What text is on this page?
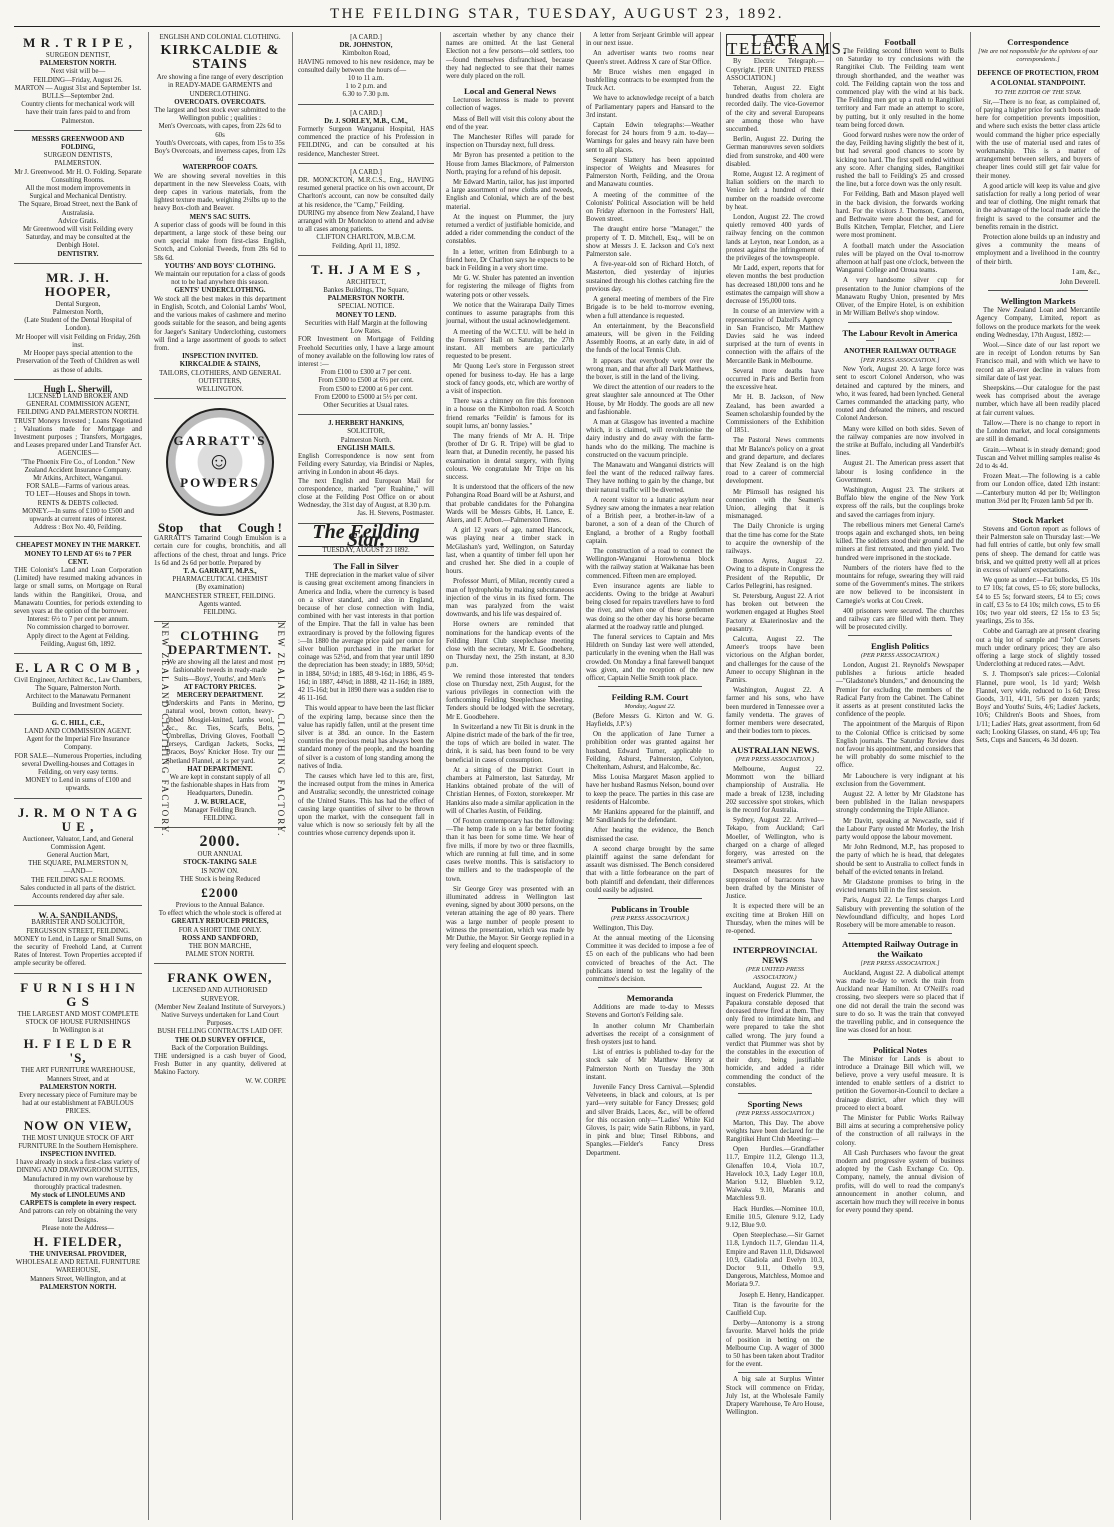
THE FEILDING STAR, TUESDAY, AUGUST 23, 1892.
M R . T R I P E ,
SURGEON DENTIST,
PALMERSTON NORTH.
Next visit will be—
FEILDING—Friday, August 26.
MARTON — August 31st and September 1st.
BULLS—September 2nd.
Country clients for mechanical work will have their train fares paid to and from Palmerston.
MESSRS GREENWOOD AND FOLDING,
SURGEON DENTISTS,
PALMERSTON.
Mr J. Greenwood. Mr H. O. Folding. Separate Consulting Rooms.
All the most modern improvements in Surgical and Mechanical Dentistry.
The Square, Broad Street, next the Bank of Australasia.
Advice Gratis.
Mr Greenwood will visit Feilding every Saturday, and may be consulted at the Denbigh Hotel.
DENTISTRY.
MR. J. H. HOOPER,
Dental Surgeon,
Palmerston North,
(Late Student of the Dental Hospital of London).
Mr Hooper will visit Feilding on Friday, 26th inst.
Mr Hooper pays special attention to the Preservation of the Teeth of Children as well as those of adults.
Hugh L. Sherwill,
LICENSED LAND BROKER AND GENERAL COMMISSION AGENT,
FEILDING AND PALMERSTON NORTH.
TRUST Moneys Invested ; Loans Negotiated ; Valuations made for Mortgage and Investment purposes ; Transfers, Mortgages, and Leases prepared under Land Transfer Act.
AGENCIES—
"The Phoenix Fire Co., of London." New Zealand Accident Insurance Company.
Mr Atkins, Architect, Wanganui.
FOR SALE—Farms of various areas.
TO LET—Houses and Shops in town.
RENTS & DEBTS collected.
MONEY.—In sums of £100 to £500 and upwards at current rates of interest.
Address : Box No. 40, Feilding.
CHEAPEST MONEY IN THE MARKET.
MONEY TO LEND AT 6½ to 7 PER CENT.
THE Colonist's Land and Loan Corporation (Limited) have resumed making advances in large or small sums, on Mortgage on Rural lands within the Rangitikei, Oroua, and Manawatu Counties, for periods extending to seven years at the option of the borrower.
Interest: 6½ to 7 per cent per annum.
No commission charged to borrower.
Apply direct to the Agent at Feilding.
Feilding, August 6th, 1892.
E. L A R C O M B ,
Civil Engineer, Architect &c., Law Chambers, The Square, Palmerston North.
Architect to the Manawatu Permanent Building and Investment Society.
G. C. HILL, C.E.,
LAND AND COMMISSION AGENT.
Agent for the Imperial Fire Insurance Company.
FOR SALE—Numerous Properties, including several Dwelling-houses and Cottages in Feilding, on very easy terms.
MONEY to Lend in sums of £100 and upwards.
J. R. M O N T A G U E ,
Auctioneer, Valuator, Land, and General Commission Agent.
General Auction Mart,
THE SQUARE, PALMERSTON N,
—AND—
THE FEILDING SALE ROOMS.
Sales conducted in all parts of the district.
Accounts rendered day after sale.
W. A. SANDILANDS,
BARRISTER AND SOLICITOR, FERGUSSON STREET, FEILDING.
MONEY to Lend, in Large or Small Sums, on the security of Freehold Land, at Current Rates of Interest. Town Properties accepted if ample security be offered.
F U R N I S H I N G S
THE LARGEST AND MOST COMPLETE STOCK OF HOUSE FURNISHINGS
In Wellington is at
H. F I E L D E R 'S,
THE ART FURNITURE WAREHOUSE, Manners Street, and at
PALMERSTON NORTH.
Every necessary piece of Furniture may be had at our establishment at FABULOUS PRICES.
NOW ON VIEW,
THE MOST UNIQUE STOCK OF ART FURNITURE In the Southern Hemisphere.
INSPECTION INVITED.
I have already in stock a first-class variety of DINING AND DRAWINGROOM SUITES,
Manufactured in my own warehouse by thoroughly practical tradesmen.
My stock of LINOLEUMS AND CARPETS is complete in every respect.
And patrons can rely on obtaining the very latest Designs.
Please note the Address—
H. FIELDER,
THE UNIVERSAL PROVIDER,
WHOLESALE AND RETAIL FURNITURE WAREHOUSE,
Manners Street, Wellington, and at
PALMERSTON NORTH.
ENGLISH AND COLONIAL CLOTHING.
KIRKCALDIE & STAINS
Are showing a fine range of every description in READY-MADE GARMENTS and UNDERCLOTHING.
OVERCOATS. OVERCOATS.
The largest and best stock ever submitted to the Wellington public ; qualities :
Men's Overcoats, with capes, from 22s 6d to 60s
Youth's Overcoats, with capes, from 15s to 35s
Boy's Overcoats, and inverness capes, from 12s 6d
WATERPROOF COATS.
We are showing several novelties in this department in the new Sleeveless Coats, with deep capes in various materials, from the lightest texture made, weighing 2½lbs up to the heavy Box-cloth and Beaver.
MEN'S SAC SUITS.
A superior class of goods will be found in this department, a large stock of these being our own special make from first-class English, Scotch, and Colonial Tweeds, from 28s 6d to 58s 6d.
YOUTHS' AND BOYS' CLOTHING.
We maintain our reputation for a class of goods not to be had anywhere this season.
GENTS' UNDERCLOTHING.
We stock all the best makes in this department in English, Scotch, and Colonial Lambs' Wool, and the various makes of cashmere and merino goods suitable for the season, and being agents for Jaeger's Sanitary Underclothing, customers will find a large assortment of goods to select from.
INSPECTION INVITED.
KIRKCALDIE & STAINS,
TAILORS, CLOTHIERS, AND GENERAL OUTFITTERS,
WELLINGTON.
GARRATT'S
☺
POWDERS
Stop that Cough !
GARRATT'S Tamarind Cough Emulsion is a certain cure for coughs, bronchitis, and all affections of the chest, throat and lungs. Price 1s 6d and 2s 6d per bottle. Prepared by
T. A. GARRATT, M.P.S.,
PHARMACEUTICAL CHEMIST
(By examination)
MANCHESTER STREET, FEILDING.
Agents wanted.
FEILDING.
CLOTHING DEPARTMENT.
We are showing all the latest and most fashionable tweeds in ready-made Suits—Boys', Youths', and Men's
AT FACTORY PRICES.
MERCERY DEPARTMENT.
Underskirts and Pants in Merino, natural wool, brown cotton, heavy-ribbed Mosgiel-knitted, lambs wool, &c., &c. Ties, Scarfs, Belts, Umbrellas, Driving Gloves, Football Jerseys, Cardigan Jackets, Socks, Braces, Boys' Knicker Hose. Try our Shetland Flannel, at 1s per yard.
HAT DEPARTMENT.
We are kept in constant supply of all the fashionable shapes in Hats from Headquarters, Dunedin.
J. W. BURLACE,
Manager Feilding Branch.
FEILDING.
2000.
OUR ANNUAL
STOCK-TAKING SALE
IS NOW ON.
THE Stock is being Reduced
£2000
Previous to the Annual Balance.
To effect which the whole stock is offered at
GREATLY REDUCED PRICES,
FOR A SHORT TIME ONLY.
ROSS AND SANDFORD,
THE BON MARCHE,
PALME STON NORTH.
FRANK OWEN,
LICENSED AND AUTHORISED SURVEYOR.
(Member New Zealand Institute of Surveyors.)
Native Surveys undertaken for Land Court Purposes.
BUSH FELLING CONTRACTS LAID OFF.
THE OLD SURVEY OFFICE,
Back of the Corporation Buildings.
THE undersigned is a cash buyer of Good, Fresh Butter in any quantity, delivered at Makino Factory.
W. W. CORPE
NEW ZEALAND CLOTHING FACTORY.	NEW ZEALAND CLOTHING FACTORY.
[A CARD.]
DR. JOHNSTON,
Kimbolton Road,
HAVING removed to his new residence, may be consulted daily between the hours of—
10 to 11 a.m.
1 to 2 p.m. and
6.30 to 7.30 p.m.
[A CARD.]
Dr. J. SORLEY, M.B., C.M.,
Formerly Surgeon Wanganui Hospital, HAS commenced the practice of his Profession in FEILDING, and can be consulted at his residence, Manchester Street.
[A CARD.]
DR. MONCKTON, M.R.C.S., Eng., HAVING resumed general practice on his own account, Dr Charlton's account, can now be consulted daily at his residence, the "Camp," Feilding.
DURING my absence from New Zealand, I have arranged with Dr Monckton to attend and advise to all cases among patients.
CLIFTON CHARLTON, M.B.C.M.
Feilding, April 11, 1892.
T. H. J A M E S ,
ARCHITECT,
Bankes Buildings, The Square,
PALMERSTON NORTH.
SPECIAL NOTICE.
MONEY TO LEND.
Securities with Half Margin at the following Low Rates.
FOR Investment on Mortgage of Feilding Freehold Securities only, I have a large amount of money available on the following low rates of interest :—
From £100 to £300 at 7 per cent.
From £300 to £500 at 6½ per cent.
From £500 to £2000 at 6 per cent.
From £2000 to £5000 at 5½ per cent.
Other Securities at Usual rates.
J. HERBERT HANKINS,
SOLICITOR,
Palmerston North.
ENGLISH MAILS.
English Correspondence is now sent from Feilding every Saturday, via Brindisi or Naples, arriving in London in about 46 days.
The next English and European Mail for correspondence, marked "per Ruahine," will close at the Feilding Post Office on or about Wednesday, the 31st day of August, at 8.30 p.m.
Jas. H. Stevens, Postmaster.
The Feilding Star.
TUESDAY, AUGUST 23 1892.
The Fall in Silver

THE depreciation in the market value of silver is causing great excitement among financiers in America and India, where the currency is based on a silver standard, and also in England, because of her close connection with India, combined with her vast interests in that portion of the Empire. That the fall in value has been extraordinary is proved by the following figures :—In 1880 the average price paid per ounce for silver bullion purchased in the market for coinage was 52½d, and from that year until 1890 the depreciation has been steady; in 1889, 50½d; in 1884, 50½d; in 1885, 48 9-16d; in 1886, 45 9-16d; in 1887, 44¾d; in 1888, 42 11-16d; in 1889, 42 15-16d; but in 1890 there was a sudden rise to 46 11-16d.

This would appear to have been the last flicker of the expiring lamp, because since then the value has rapidly fallen, until at the present time silver is at 38d. an ounce. In the Eastern countries the precious metal has always been the standard money of the people, and the hoarding of silver is a custom of long standing among the natives of India.

The causes which have led to this are, first, the increased output from the mines in America and Australia; secondly, the unrestricted coinage of the United States. This has had the effect of causing large quantities of silver to be thrown upon the market, with the consequent fall in value which is now so seriously felt by all the countries whose currency depends upon it.

ascertain whether by any chance their names are omitted. At the last General Election not a few persons—old settlers, too—found themselves disfranchised, because they had neglected to see that their names were duly placed on the roll.

Local and General News

Lecturous lecturess is made to prevent collection of wages.

Mass of Bell will visit this colony about the end of the year.

The Manchester Rifles will parade for inspection on Thursday next, full dress.

Mr Byron has presented a petition to the House from James Blackmore, of Palmerston North, praying for a refund of his deposit.

Mr Edward Martin, tailor, has just imported a large assortment of new cloths and tweeds, English and Colonial, which are of the best material.

At the inquest on Plummer, the jury returned a verdict of justifiable homicide, and added a rider commending the conduct of the constables.

In a letter, written from Edinburgh to a friend here, Dr Charlton says he expects to be back in Feilding in a very short time.

Mr G. W. Shuler has patented an invention for registering the mileage of flights from watering pots or other vessels.

We notice that the Wairarapa Daily Times continues to assume paragraphs from this journal, without the usual acknowledgement.

A meeting of the W.C.T.U. will be held in the Foresters' Hall on Saturday, the 27th instant. All members are particularly requested to be present.

Mr Quong Lee's store in Fergusson street opened for business to-day. He has a large stock of fancy goods, etc, which are worthy of a visit of inspection.

There was a chimney on fire this forenoon in a house on the Kimbolton road. A Scotch friend remarks "Feildin' is famous for its soupit lums, an' bonny lassies."

The many friends of Mr A. H. Tripe (brother of Dr G. R. Tripe) will be glad to learn that, at Dunedin recently, he passed his examination in dental surgery, with flying colours. We congratulate Mr Tripe on his success.

It is understood that the officers of the new Pohangina Road Board will be at Ashurst, and that probable candidates for the Pohangina Wards will be Messrs Gibbs, H. Lance, E. Akers, and F. Arbon.—Palmerston Times.

A girl 12 years of age, named Hancock, was playing near a timber stack in McGlashan's yard, Wellington, on Saturday last, when a quantity of timber fell upon her and crushed her. She died in a couple of hours.

Professor Murri, of Milan, recently cured a man of hydrophobia by making subcutaneous injection of the virus in its fixed form. The man was paralyzed from the waist downwards, and his life was despaired of.

Horse owners are reminded that nominations for the handicap events of the Feilding Hunt Club steeplechase meeting close with the secretary, Mr E. Goodbehere, on Thursday next, the 25th instant, at 8.30 p.m.

We remind those interested that tenders close on Thursday next, 25th August, for the various privileges in connection with the forthcoming Feilding Steeplechase Meeting. Tenders should be lodged with the secretary, Mr E. Goodbehere.

In Switzerland a new Tit Bit is drunk in the Alpine district made of the bark of the fir tree, the tops of which are boiled in water. The drink, it is said, has been found to be very beneficial in cases of consumption.

At a sitting of the District Court in chambers at Palmerston, last Saturday, Mr Hankins obtained probate of the will of Christian Hennes, of Foxton, storekeeper. Mr Hankins also made a similar application in the will of Charles Austin, of Feilding.

Of Foxton contemporary has the following:—The hemp trade is on a far better footing than it has been for some time. We hear of five mills, if more by two or three flaxmills, which are running at full time, and in some cases twelve months. This is satisfactory to the millers and to the tradespeople of the town.

Sir George Grey was presented with an illuminated address in Wellington last evening, signed by about 3000 persons, on the veteran attaining the age of 80 years. There was a large number of people present to witness the presentation, which was made by Mr Duthie, the Mayor. Sir George replied in a very feeling and eloquent speech.

A letter from Serjeant Grimble will appear in our next issue.

An advertiser wants two rooms near Queen's street. Address X care of Star Office.

Mr Bruce wishes men engaged in bushfelling contracts to be exempted from the Truck Act.

We have to acknowledge receipt of a batch of Parliamentary papers and Hansard to the 3rd instant.

Captain Edwin telegraphs:—Weather forecast for 24 hours from 9 a.m. to-day—Warnings for gales and heavy rain have been sent to all places.

Sergeant Slattery has been appointed inspector of Weights and Measures for Palmerston North, Feilding, and the Oroua and Manawatu counties.

A meeting of the committee of the Colonists' Political Association will be held on Friday afternoon in the Forresters' Hall, Bowen street.

The draught entire horse "Manager," the property of T. D. Mitchell, Esq., will be on show at Messrs J. E. Jackson and Co's next Palmerston sale.

A five-year-old son of Richard Hotch, of Masterton, died yesterday of injuries sustained through his clothes catching fire the previous day.

A general meeting of members of the Fire Brigade is to be held to-morrow evening, when a full attendance is requested.

An entertainment, by the Beaconsfield amateurs, will be given in the Feilding Assembly Rooms, at an early date, in aid of the funds of the local Tennis Club.

It appears that everybody wept over the wrong man, and that after all Dark Matthews, the boxer, is still in the land of the living.

We direct the attention of our readers to the great slaughter sale announced at The Other House, by Mr Hoddy. The goods are all new and fashionable.

A man at Glasgow has invented a machine which, it is claimed, will revolutionise the dairy industry and do away with the farm-hands who do the milking. The machine is constructed on the vacuum principle.

The Manawatu and Wanganui districts will feel the want of the reduced railway fares. They have nothing to gain by the change, but their natural traffic will be diverted.

A recent visitor to a lunatic asylum near Sydney saw among the inmates a near relation of a British peer, a brother-in-law of a baronet, a son of a dean of the Church of England, a brother of a Rugby football captain.

The construction of a road to connect the Wellington-Wanganui Horowhenua block with the railway station at Waikanae has been commenced. Fifteen men are employed.

Even insurance agents are liable to accidents. Owing to the bridge at Awahuri being closed for repairs travellers have to ford the river, and when one of these gentlemen was doing so the other day his horse became alarmed at the roadway rattle and plunged.

The funeral services to Captain and Mrs Hildreth on Sunday last were well attended, particularly in the evening when the Hall was crowded. On Monday a final farewell banquet was given, and the reception of the new officer, Captain Nellie Smith took place.

Feilding R.M. Court
Monday, August 22.

(Before Messrs G. Kirton and W. G. Hayfields, J.P.'s)

On the application of Jane Turner a prohibition order was granted against her husband, Edward Turner, applicable to Feilding, Ashurst, Palmerston, Colyton, Cheltenham, Ashurst, and Halcombe, &c.

Miss Louisa Margaret Mason applied to have her husband Rasmus Nelson, bound over to keep the peace. The parties in this case are residents of Halcombe.

Mr Hankins appeared for the plaintiff, and Mr Sandilands for the defendant.

After hearing the evidence, the Bench dismissed the case.

A second charge brought by the same plaintiff against the same defendant for assault was dismissed. The Bench considered that with a little forbearance on the part of both plaintiff and defendant, their differences could easily be adjusted.

Publicans in Trouble
(PER PRESS ASSOCIATION.)

Wellington, This Day.

At the annual meeting of the Licensing Committee it was decided to impose a fee of £5 on each of the publicans who had been convicted of breaches of the Act. The publicans intend to test the legality of the committee's decision.

Memoranda

Additions are made to-day to Messrs Stevens and Gorton's Feilding sale.

In another column Mr Chamberlain advertises the receipt of a consignment of fresh oysters just to hand.

List of entries is published to-day for the stock sale of Mr Matthew Henry at Palmerston North on Tuesday the 30th instant.

Juvenile Fancy Dress Carnival.—Splendid Velveteens, in black and colours, at 1s per yard—very suitable for Fancy Dresses; gold and silver Braids, Laces, &c., will be offered for this occasion only—"Ladies' White Kid Gloves, 1s pair; wide Satin Ribbons, in yard, in pink and blue; Tinsel Ribbons, and Spangles.—Fielder's Fancy Dress Department.

LATE TELEGRAMS.

By Electric Telegraph.—Copyright. [PER UNITED PRESS ASSOCIATION.]

Teheran, August 22. Eight hundred deaths from cholera are recorded daily. The vice-Governor of the city and several Europeans are among those who have succumbed.

Berlin, August 22. During the German manœuvres seven soldiers died from sunstroke, and 400 were disabled.

Rome, August 12. A regiment of Italian soldiers on the march to Venice left a hundred of their number on the roadside overcome by heat.

London, August 22. The crowd quietly removed 400 yards of railway fencing on the common lands at Leyton, near London, as a protest against the infringement of the privileges of the townspeople.

Mr Ladd, expert, reports that for eleven months the best production has decreased 180,000 tons and he estimates the campaign will show a decrease of 195,000 tons.

In course of an interview with a representative of Dalzell's Agency in San Francisco, Mr Matthew Davies said he was indeed surprised at the turn of events in connection with the affairs of the Mercantile Bank in Melbourne.

Several more deaths have occurred in Paris and Berlin from the excessive heat.

Mr H. B. Jackson, of New Zealand, has been awarded a Seamen scholarship founded by the Commissioners of the Exhibition of 1851.

The Pastoral News comments that Mr Balance's policy on a great and grand departure, and declares that New Zealand is on the high road to a career of commercial development.

Mr Plimsoll has resigned his connection with the Seamen's Union, alleging that it is mismanaged.

The Daily Chronicle is urging that the time has come for the State to acquire the ownership of the railways.

Buenos Ayres, August 22. Owing to a dispute in Congress the President of the Republic, Dr Carlos Pellegrini, has resigned.

St. Petersburg, August 22. A riot has broken out between the workmen engaged at Hughes Steel Factory at Ekaterinoslav and the peasantry.

Calcutta, August 22. The Ameer's troops have been victorious on the Afghan border, and challenges for the cause of the Ameer to occupy Shighnan in the Pamirs.

Washington, August 22. A farmer and his sons, who have been murdered in Tennessee over a family vendetta. The graves of former members were desecrated, and their bodies torn to pieces.

AUSTRALIAN NEWS.
(PER PRESS ASSOCIATION.)

Melbourne, August 22. Mommott won the billiard championship of Australia. He made a break of 1238, including 202 successive spot strokes, which is the record for Australia.

Sydney, August 22. Arrived—Tekapo, from Auckland; Carl Moeller, of Wellington, who is charged on a charge of alleged forgery, was arrested on the steamer's arrival.

Despatch measures for the suppression of barracoons have been drafted by the Minister of Justice.

It is expected there will be an exciting time at Broken Hill on Thursday, when the mines will be re-opened.

INTERPROVINCIAL NEWS
(PER UNITED PRESS ASSOCIATION.)

Auckland, August 22. At the inquest on Frederick Plummer, the Papakura constable deposed that deceased threw fired at them. They only fired to intimidate him, and were prepared to take the shot called wrong. The jury found a verdict that Plummer was shot by the constables in the execution of their duty, being justifiable homicide, and added a rider commending the conduct of the constables.

Sporting News
(PER PRESS ASSOCIATION.)

Marton, This Day. The above weights have been declared for the Rangitikei Hunt Club Meeting:—

Open Hurdles.—Grandfather 11.7, Empire 11.2, Glengo 11.3, Glenaffen 10.4, Viola 10.7, Havelock 10.3, Lady Leger 10.0, Marion 9.12, Blueblen 9.12, Waiwaka 9.10, Maranis and Matchless 9.0.

Hack Hurdles.—Nominee 10.0, Emilie 10.5, Glenure 9.12, Lady 9.12, Blue 9.0.

Open Steeplechase.—Sir Garnet 11.8, Lyndoch 11.7, Glendau 11.4, Empire and Raven 11.0, Didsaweel 10.9, Gladiola and Evelyn 10.3, Doctor 9.11, Othello 9.9, Dangerous, Matchless, Momoe and Moriata 9.7.

Joseph E. Henry, Handicapper.

Titan is the favourite for the Caulfield Cup.

Derby—Antonomy is a strong favourite. Marvel holds the pride of position in betting on the Melbourne Cup. A wager of 3000 to 50 has been taken about Traditor for the event.

A big sale at Surplus Winter Stock will commence on Friday, July 1st, at the Wholesale Family Drapery Warehouse, Te Aro House, Wellington.

Football

The Feilding second fifteen went to Bulls on Saturday to try conclusions with the Rangitikei Club. The Feilding team went through shorthanded, and the weather was cold. The Feilding captain won the toss and commenced play with the wind at his back. The Feilding men got up a rush to Rangitikei territory and Farr made an attempt to score, by putting, but it only resulted in the home team being forced down.

Good forward rushes were now the order of the day, Feilding having slightly the best of it, but had several good chances to score by kicking too hard. The first spell ended without any score. After changing sides, Rangitikei rushed the ball to Feilding's 25 and crossed the line, but a force down was the only result.

For Feilding, Bath and Mason played well in the back division, the forwards working hard. For the visitors J. Thomson, Cameron, and Bethwaite were about the best, and for Bulls Kitchen, Templar, Fletcher, and Liere were most prominent.

A football match under the Association rules will be played on the Oval to-morrow afternoon at half past one o'clock, between the Wanganui College and Oroua teams.

A very handsome silver cup for presentation to the Junior champions of the Manawatu Rugby Union, presented by Mrs Oliver, of the Empire Hotel, is on exhibition in Mr William Bellve's shop window.

The Labour Revolt in America
ANOTHER RAILWAY OUTRAGE
[PER PRESS ASSOCIATION.]

New York, August 20. A large force was sent to escort Colonel Anderson, who was detained and captured by the miners, and who, it was feared, had been lynched. General Carnes commanded the attacking party, who routed and defeated the miners, and rescued Colonel Anderson.

Many were killed on both sides. Seven of the railway companies are now involved in the strike at Buffalo, including all Vanderbilt's lines.

August 21. The American press assert that labour is losing confidence in the Government.

Washington, August 23. The strikers at Buffalo blew the engine of the New York express off the rails, but the couplings broke and saved the carriages from injury.

The rebellious miners met General Carne's troops again and exchanged shots, ten being killed. The soldiers stood their ground and the miners at first retreated, and then yield. Two hundred were imprisoned in the stockade.

Numbers of the rioters have fled to the mountains for refuge, swearing they will raid some of the Government's mines. The strikers are now believed to be inconsistent in Carnegie's works at Cou Creek.

400 prisoners were secured. The churches and railway cars are filled with them. They will be prosecuted civilly.

English Politics
(PER PRESS ASSOCIATION.)

London, August 21. Reynold's Newspaper publishes a furious article headed—"Gladstone's blunders," and denouncing the Premier for excluding the members of the Radical Party from the Cabinet. The Cabinet it asserts as at present constituted lacks the confidence of the people.

The appointment of the Marquis of Ripon to the Colonial Office is criticised by some English journals. The Saturday Review does not favour his appointment, and considers that he will probably do some mischief to the office.

Mr Labouchere is very indignant at his exclusion from the Government.

August 22. A letter by Mr Gladstone has been published in the Italian newspapers strongly condemning the Triple Alliance.

Mr Davitt, speaking at Newcastle, said if the Labour Party ousted Mr Morley, the Irish party would oppose the labour movement.

Mr John Redmond, M.P., has proposed to the party of which he is head, that delegates should be sent to Australia to collect funds in behalf of the evicted tenants in Ireland.

Mr Gladstone promises to bring in the evicted tenants bill in the first session.

Paris, August 22. Le Temps charges Lord Salisbury with preventing the solution of the Newfoundland difficulty, and hopes Lord Rosebery will be more amenable to reason.

Attempted Railway Outrage in the Waikato
[PER PRESS ASSOCIATION.]

Auckland, August 22. A diabolical attempt was made to-day to wreck the train from Auckland near Hamilton. At O'Neill's road crossing, two sleepers were so placed that if one did not derail the train the second was sure to do so. It was the train that conveyed the travelling public, and in consequence the line was closed for an hour.

Political Notes

The Minister for Lands is about to introduce a Drainage Bill which will, we believe, prove a very useful measure. It is intended to enable settlers of a district to petition the Governor-in-Council to declare a drainage district, after which they will proceed to elect a board.

The Minister for Public Works Railway Bill aims at securing a comprehensive policy of the construction of all railways in the colony.

All Cash Purchasers who favour the great modern and progressive system of business adopted by the Cash Exchange Co. Op. Company, namely, the annual division of profits, will do well to read the company's announcement in another column, and ascertain how much they will receive in bonus for every pound they spend.

Correspondence
[We are not responsible for the opinions of our correspondents.]
DEFENCE OF PROTECTION, FROM A COLONIAL STANDPOINT.
TO THE EDITOR OF THE STAR.

Sir,—There is no fear, as complained of, of paying a higher price for such boots made here for competition prevents imposition, and where such exists the better class article would command the higher price especially with the use of material used and rates of workmanship. This is a matter of arrangement between sellers, and buyers of cheaper lines could still get fair value for their money.

A good article will keep its value and give satisfaction for really a long period of wear and tear of clothing. One might remark that in the advantage of the local made article the freight is saved to the consumer and the benefits remain in the district.

Protection alone builds up an industry and gives a community the means of employment and a livelihood in the country of their birth.

I am, &c.,

John Deverell.

Wellington Markets

The New Zealand Loan and Mercantile Agency Company, Limited, report as follows on the produce markets for the week ending Wednesday, 17th August, 1892:—

Wool.—Since date of our last report we are in receipt of London returns by San Francisco mail, and with which we have to record an all-over decline in values from similar date of last year.

Sheepskins.—Our catalogue for the past week has comprised about the average number, which have all been readily placed at fair current values.

Tallow.—There is no change to report in the London market, and local consignments are still in demand.

Grain.—Wheat is in steady demand; good Tuscan and Velvet milling samples realise 4s 2d to 4s 4d.

Frozen Meat.—The following is a cable from our London office, dated 12th instant:—Canterbury mutton 4d per lb; Wellington mutton 3½d per lb; Frozen lamb 5d per lb.

Stock Market

Stevens and Gorton report as follows of their Palmerston sale on Thursday last:—We had full entries of cattle, but only few small pens of sheep. The demand for cattle was brisk, and we quitted pretty well all at prices in excess of valuers' expectations.

We quote as under:—Fat bullocks, £5 10s to £7 10s; fat cows, £5 to £6; store bullocks, £4 to £5 5s; forward steers, £4 to £5; cows in calf, £3 5s to £4 10s; milch cows, £5 to £6 10s; two year old steers, £2 15s to £3 5s; yearlings, 25s to 35s.

Cobbe and Garragh are at present clearing out a big lot of sample and "Job" Corsets much under ordinary prices; they are also offering a large stock of slightly tossed Underclothing at reduced rates.—Advt.

S. J. Thompson's sale prices:—Colonial Flannel, pure wool, 1s 1d yard; Welsh Flannel, very wide, reduced to 1s 6d; Dress Goods, 3/11, 4/11, 5/6 per dozen yards; Boys' and Youths' Suits, 4/6; Ladies' Jackets, 10/6; Children's Boots and Shoes, from 1/11; Ladies' Hats, great assortment, from 6d each; Looking Glasses, on stand, 4/6 up; Tea Sets, Cups and Saucers, 4s 3d dozen.
